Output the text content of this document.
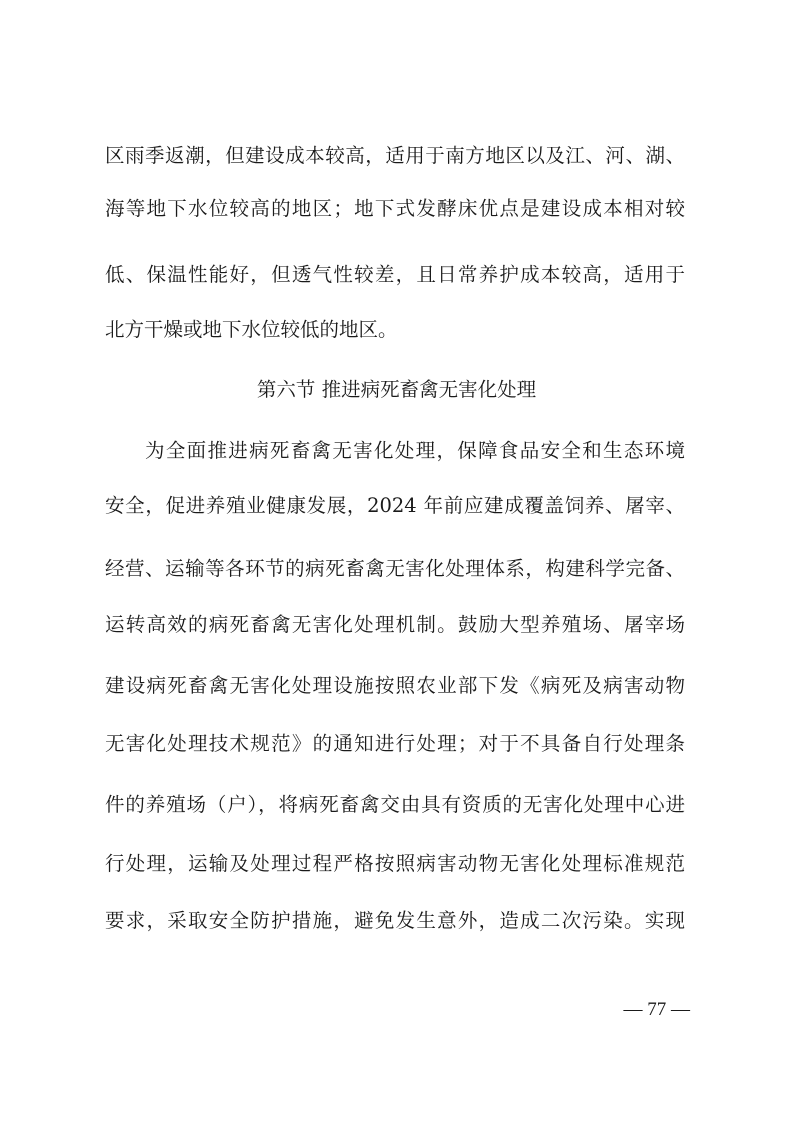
区雨季返潮，但建设成本较高，适用于南方地区以及江、河、湖、
海等地下水位较高的地区；地下式发酵床优点是建设成本相对较
低、保温性能好，但透气性较差，且日常养护成本较高，适用于
北方干燥或地下水位较低的地区。
第六节 推进病死畜禽无害化处理
为全面推进病死畜禽无害化处理，保障食品安全和生态环境
安全，促进养殖业健康发展，2024 年前应建成覆盖饲养、屠宰、
经营、运输等各环节的病死畜禽无害化处理体系，构建科学完备、
运转高效的病死畜禽无害化处理机制。鼓励大型养殖场、屠宰场
建设病死畜禽无害化处理设施按照农业部下发《病死及病害动物
无害化处理技术规范》的通知进行处理；对于不具备自行处理条
件的养殖场（户），将病死畜禽交由具有资质的无害化处理中心进
行处理，运输及处理过程严格按照病害动物无害化处理标准规范
要求，采取安全防护措施，避免发生意外，造成二次污染。实现
— 77 —
